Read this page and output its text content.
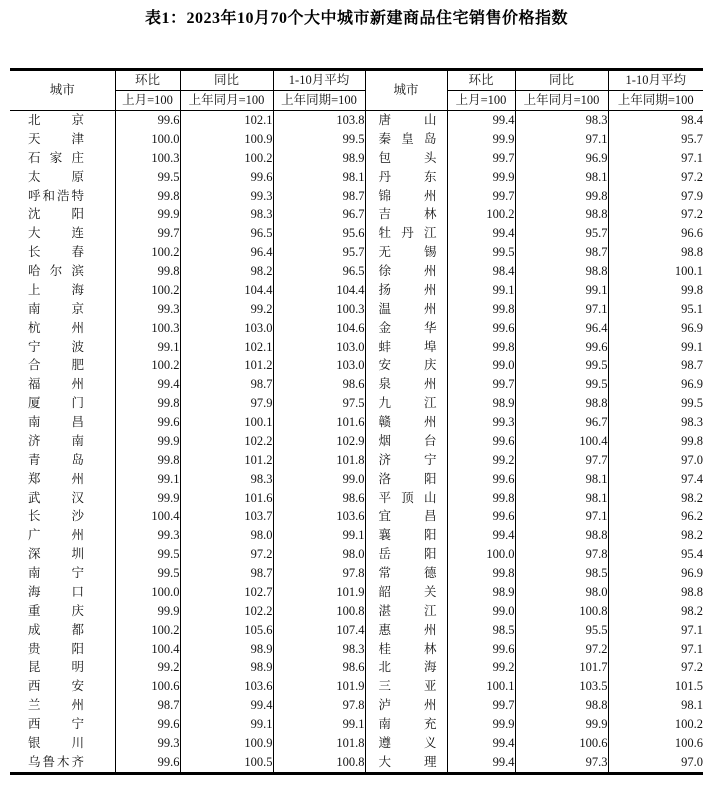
表1：2023年10月70个大中城市新建商品住宅销售价格指数
城市	环比	同比	1-10月平均	城市	环比	同比	1-10月平均
	上月=100	上年同月=100	上年同期=100		上月=100	上年同月=100	上年同期=100

北 京	99.6	102.1	103.8	唐 山	99.4	98.3	98.4

天 津	100.0	100.9	99.5	秦 皇 岛	99.9	97.1	95.7

石 家 庄	100.3	100.2	98.9	包 头	99.7	96.9	97.1

太 原	99.5	99.6	98.1	丹 东	99.9	98.1	97.2

呼 和 浩 特	99.8	99.3	98.7	锦 州	99.7	99.8	97.9

沈 阳	99.9	98.3	96.7	吉 林	100.2	98.8	97.2

大 连	99.7	96.5	95.6	牡 丹 江	99.4	95.7	96.6

长 春	100.2	96.4	95.7	无 锡	99.5	98.7	98.8

哈 尔 滨	99.8	98.2	96.5	徐 州	98.4	98.8	100.1

上 海	100.2	104.4	104.4	扬 州	99.1	99.1	99.8

南 京	99.3	99.2	100.3	温 州	99.8	97.1	95.1

杭 州	100.3	103.0	104.6	金 华	99.6	96.4	96.9

宁 波	99.1	102.1	103.0	蚌 埠	99.8	99.6	99.1

合 肥	100.2	101.2	103.0	安 庆	99.0	99.5	98.7

福 州	99.4	98.7	98.6	泉 州	99.7	99.5	96.9

厦 门	99.8	97.9	97.5	九 江	98.9	98.8	99.5

南 昌	99.6	100.1	101.6	赣 州	99.3	96.7	98.3

济 南	99.9	102.2	102.9	烟 台	99.6	100.4	99.8

青 岛	99.8	101.2	101.8	济 宁	99.2	97.7	97.0

郑 州	99.1	98.3	99.0	洛 阳	99.6	98.1	97.4

武 汉	99.9	101.6	98.6	平 顶 山	99.8	98.1	98.2

长 沙	100.4	103.7	103.6	宜 昌	99.6	97.1	96.2

广 州	99.3	98.0	99.1	襄 阳	99.4	98.8	98.2

深 圳	99.5	97.2	98.0	岳 阳	100.0	97.8	95.4

南 宁	99.5	98.7	97.8	常 德	99.8	98.5	96.9

海 口	100.0	102.7	101.9	韶 关	98.9	98.0	98.8

重 庆	99.9	102.2	100.8	湛 江	99.0	100.8	98.2

成 都	100.2	105.6	107.4	惠 州	98.5	95.5	97.1

贵 阳	100.4	98.9	98.3	桂 林	99.6	97.2	97.1

昆 明	99.2	98.9	98.6	北 海	99.2	101.7	97.2

西 安	100.6	103.6	101.9	三 亚	100.1	103.5	101.5

兰 州	98.7	99.4	97.8	泸 州	99.7	98.8	98.1

西 宁	99.6	99.1	99.1	南 充	99.9	99.9	100.2

银 川	99.3	100.9	101.8	遵 义	99.4	100.6	100.6

乌 鲁 木 齐	99.6	100.5	100.8	大 理	99.4	97.3	97.0
